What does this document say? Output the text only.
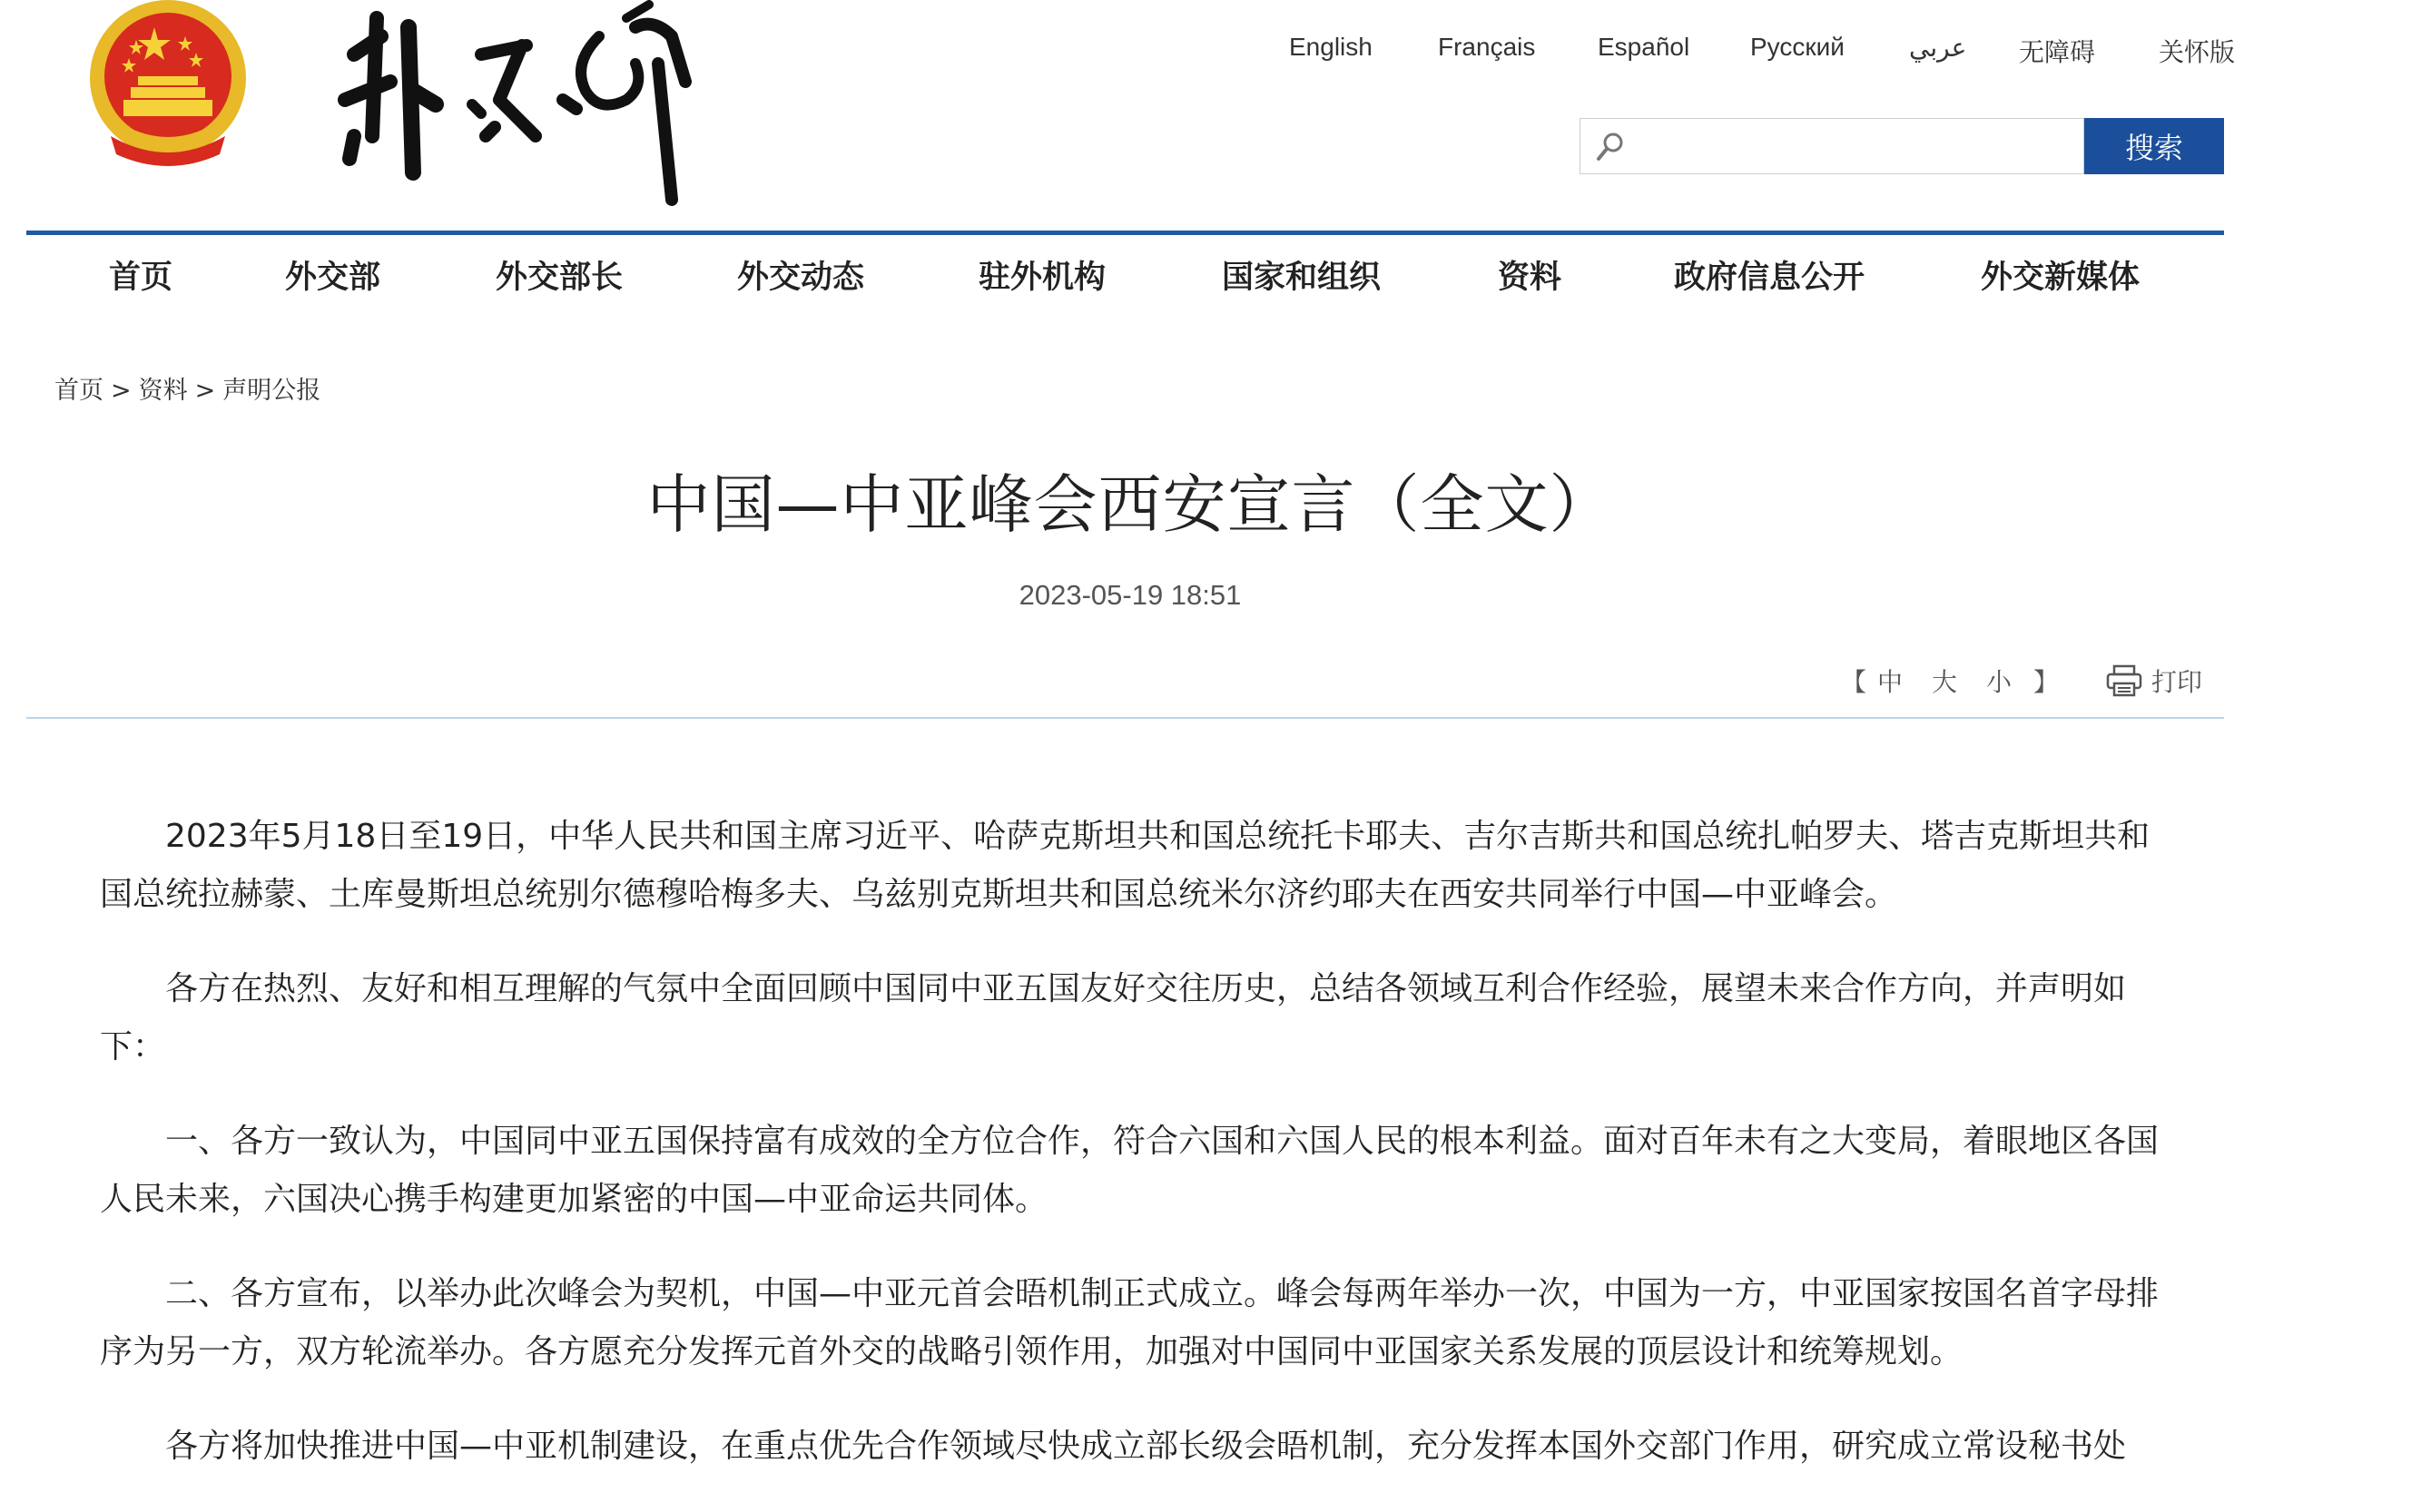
English	Français Español Русский	عربي 无障碍 关怀版
搜索
首页	外交部	外交部长	外交动态	驻外机构	国家和组织	资料	政府信息公开	外交新媒体
首页 > 资料 > 声明公报
中国—中亚峰会西安宣言（全文）
2023-05-19 18:51
【 中 大 小 】	打印

2023年5月18日至19日，中华人民共和国主席习近平、哈萨克斯坦共和国总统托卡耶夫、吉尔吉斯共和国总统扎帕罗夫、塔吉克斯坦共和国总统拉赫蒙、土库曼斯坦总统别尔德穆哈梅多夫、乌兹别克斯坦共和国总统米尔济约耶夫在西安共同举行中国—中亚峰会。

各方在热烈、友好和相互理解的气氛中全面回顾中国同中亚五国友好交往历史，总结各领域互利合作经验，展望未来合作方向，并声明如下：

一、各方一致认为，中国同中亚五国保持富有成效的全方位合作，符合六国和六国人民的根本利益。面对百年未有之大变局，着眼地区各国人民未来，六国决心携手构建更加紧密的中国—中亚命运共同体。

二、各方宣布，以举办此次峰会为契机，中国—中亚元首会晤机制正式成立。峰会每两年举办一次，中国为一方，中亚国家按国名首字母排序为另一方，双方轮流举办。各方愿充分发挥元首外交的战略引领作用，加强对中国同中亚国家关系发展的顶层设计和统筹规划。

各方将加快推进中国—中亚机制建设，在重点优先合作领域尽快成立部长级会晤机制，充分发挥本国外交部门作用，研究成立常设秘书处
